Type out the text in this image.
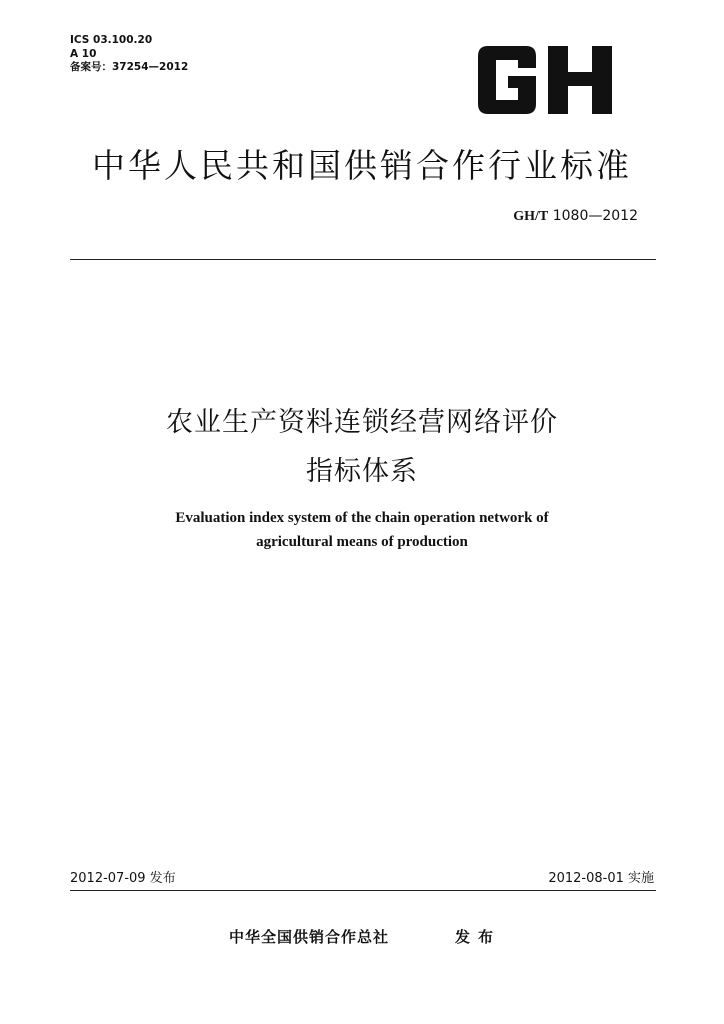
ICS 03.100.20
A 10
备案号：37254—2012
中华人民共和国供销合作行业标准
GH/T 1080—2012
农业生产资料连锁经营网络评价
指标体系
Evaluation index system of the chain operation network of
agricultural means of production
2012-07-09 发布	2012-08-01 实施
中华全国供销合作总社	发布
